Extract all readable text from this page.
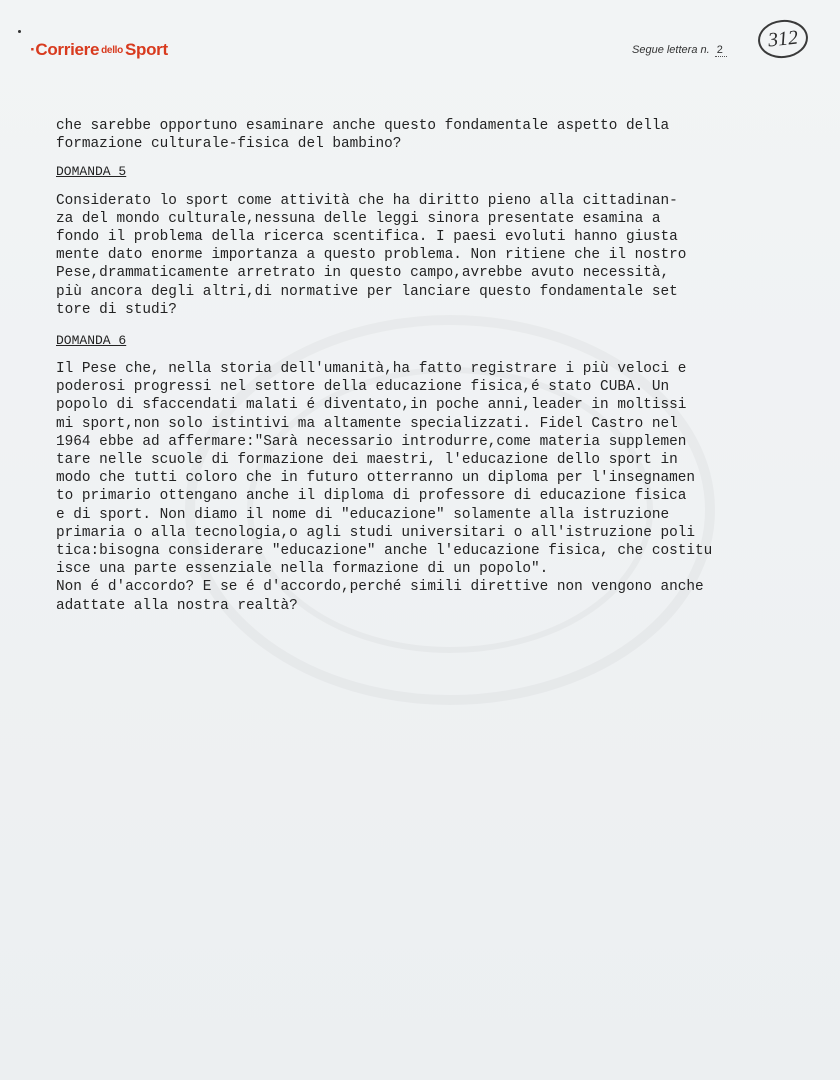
·Corriere dello Sport	Segue lettera n. 2	312
che sarebbe opportuno esaminare anche questo fondamentale aspetto della
formazione culturale-fisica del bambino?
DOMANDA 5
Considerato lo sport come attività che ha diritto pieno alla cittadinan-
za del mondo culturale,nessuna delle leggi sinora presentate esamina a
fondo il problema della ricerca scentifica. I paesi evoluti hanno giusta
mente dato enorme importanza a questo problema. Non ritiene che il nostro
Pese,drammaticamente arretrato in questo campo,avrebbe avuto necessità,
più ancora degli altri,di normative per lanciare questo fondamentale set
tore di studi?
DOMANDA 6
Il Pese che, nella storia dell'umanità,ha fatto registrare i più veloci e
poderosi progressi nel settore della educazione fisica,é stato CUBA. Un
popolo di sfaccendati malati é diventato,in poche anni,leader in moltissi
mi sport,non solo istintivi ma altamente specializzati. Fidel Castro nel
1964 ebbe ad affermare:"Sarà necessario introdurre,come materia supplemen
tare nelle scuole di formazione dei maestri, l'educazione dello sport in
modo che tutti coloro che in futuro otterranno un diploma per l'insegnamen
to primario ottengano anche il diploma di professore di educazione fisica
e di sport. Non diamo il nome di "educazione" solamente alla istruzione
primaria o alla tecnologia,o agli studi universitari o all'istruzione poli
tica:bisogna considerare "educazione" anche l'educazione fisica, che costitu
isce una parte essenziale nella formazione di un popolo".
Non é d'accordo? E se é d'accordo,perché simili direttive non vengono anche
adattate alla nostra realtà?
